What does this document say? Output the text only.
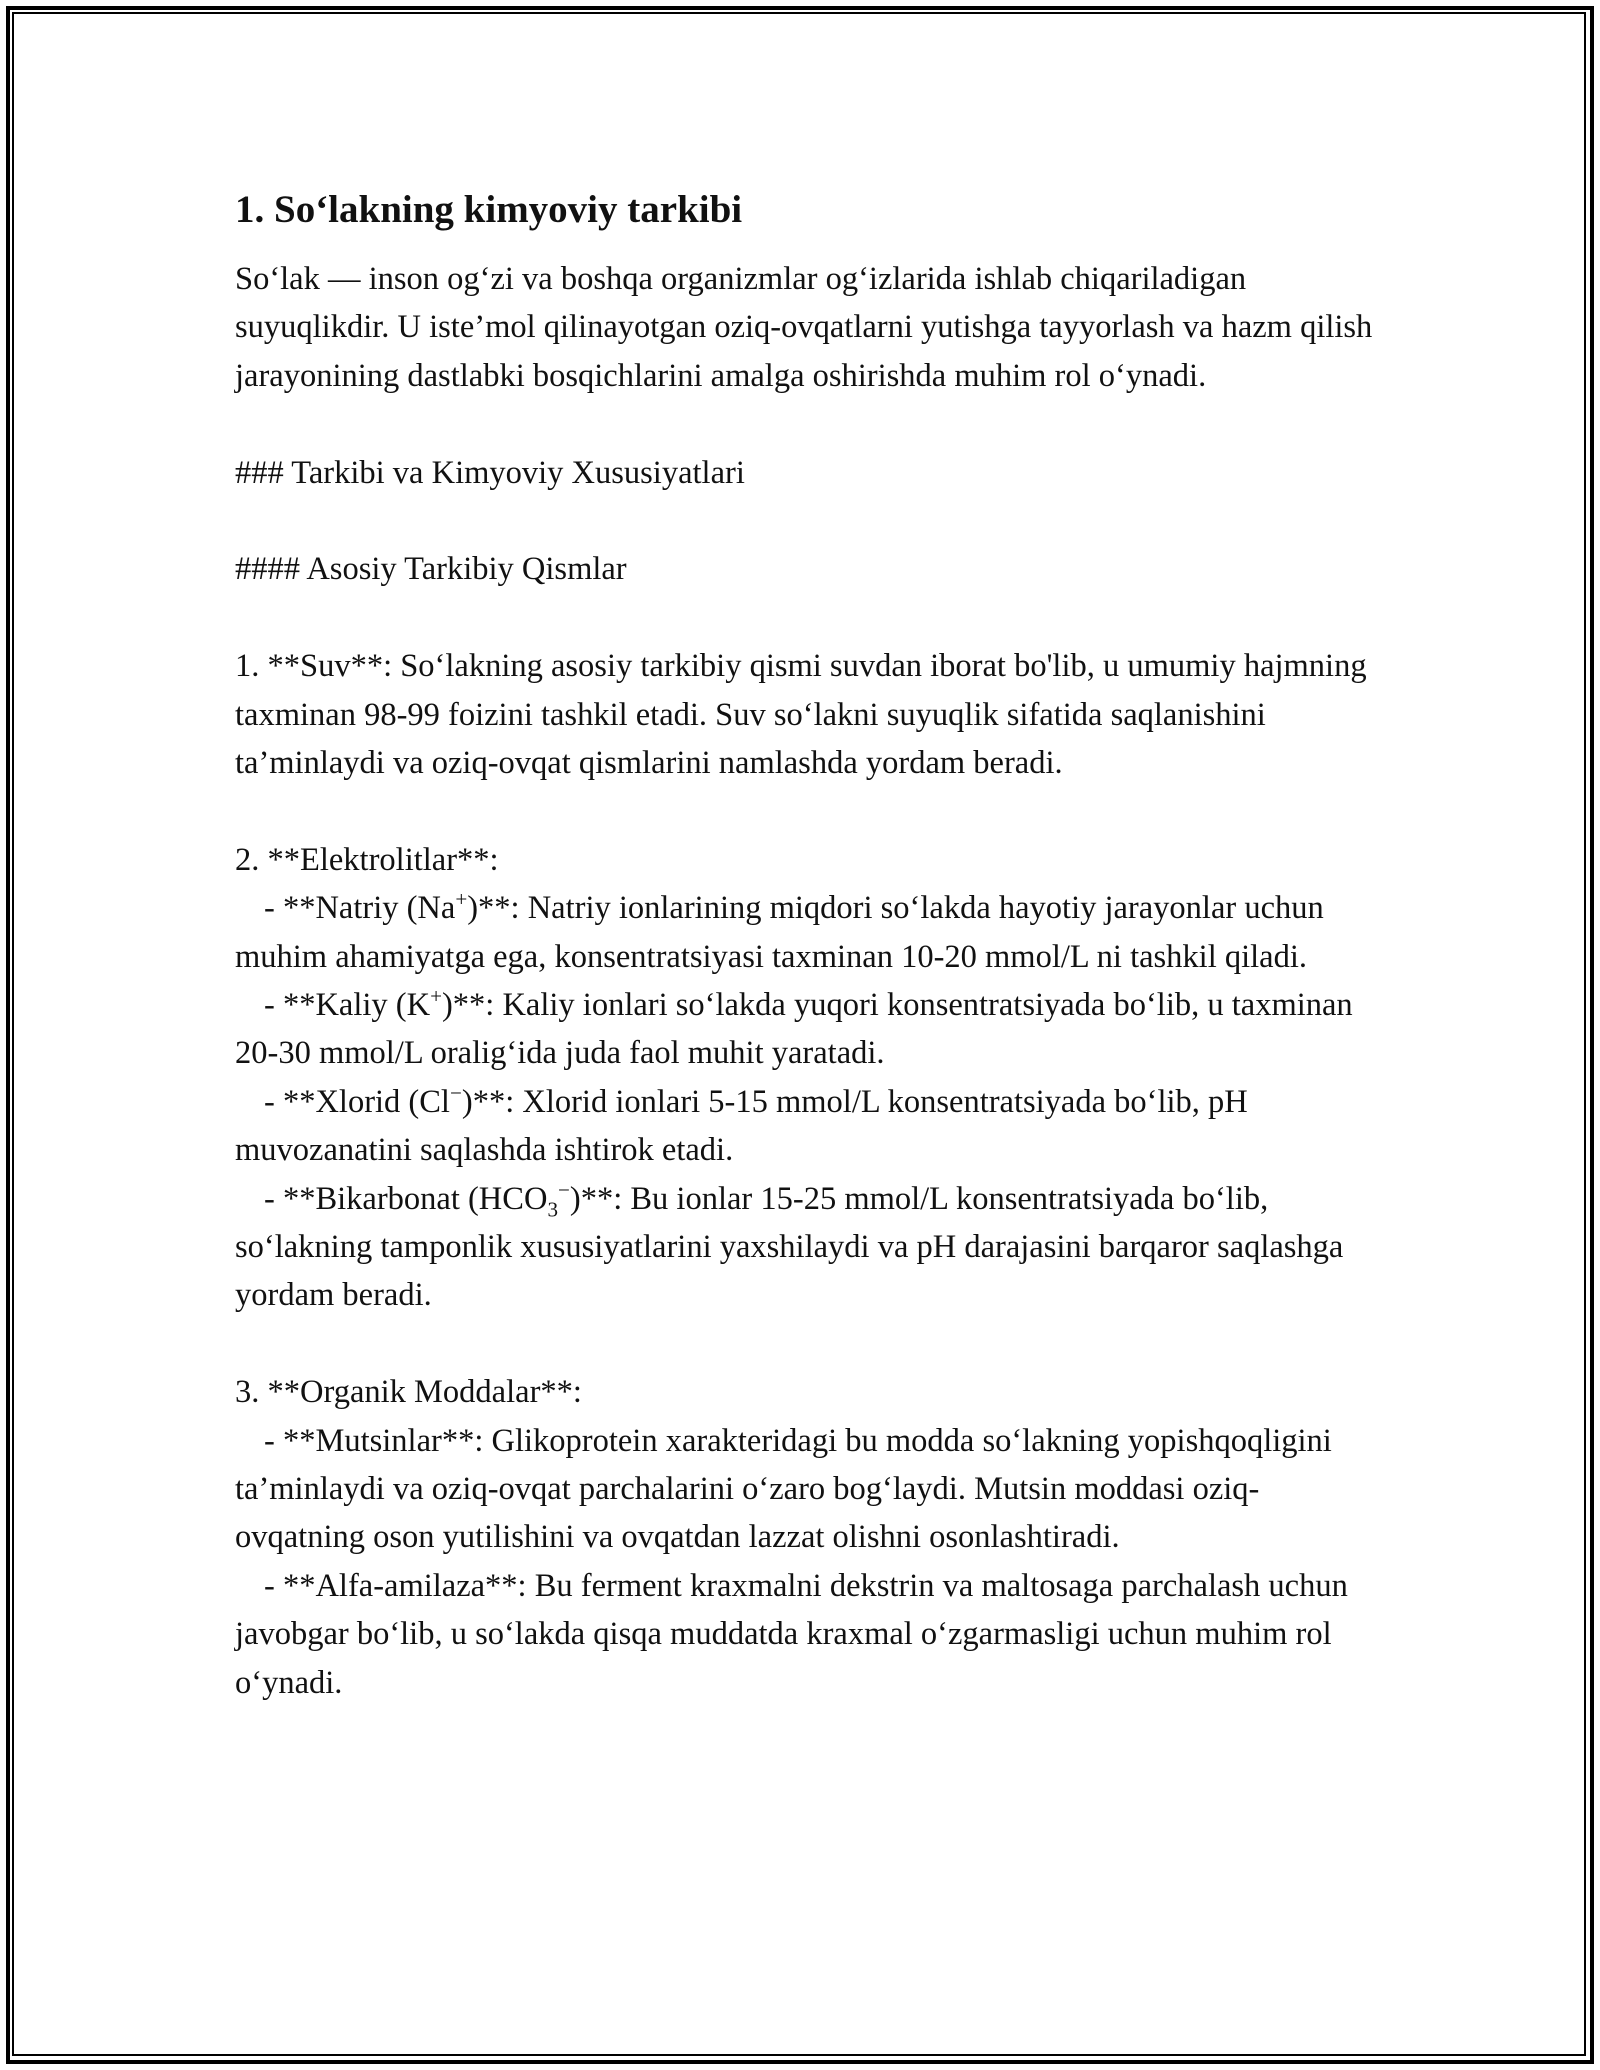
1. So‘lakning kimyoviy tarkibi

So‘lak — inson og‘zi va boshqa organizmlar og‘izlarida ishlab chiqariladigan suyuqlikdir. U iste’mol qilinayotgan oziq-ovqatlarni yutishga tayyorlash va hazm qilish jarayonining dastlabki bosqichlarini amalga oshirishda muhim rol o‘ynadi.

### Tarkibi va Kimyoviy Xususiyatlari

#### Asosiy Tarkibiy Qismlar

1. **Suv**: So‘lakning asosiy tarkibiy qismi suvdan iborat bo'lib, u umumiy hajmning taxminan 98-99 foizini tashkil etadi. Suv so‘lakni suyuqlik sifatida saqlanishini ta’minlaydi va oziq-ovqat qismlarini namlashda yordam beradi.

2. **Elektrolitlar**:

- **Natriy (Na+)**: Natriy ionlarining miqdori so‘lakda hayotiy jarayonlar uchun muhim ahamiyatga ega, konsentratsiyasi taxminan 10-20 mmol/L ni tashkil qiladi.

- **Kaliy (K+)**: Kaliy ionlari so‘lakda yuqori konsentratsiyada bo‘lib, u taxminan 20-30 mmol/L oralig‘ida juda faol muhit yaratadi.

- **Xlorid (Cl−)**: Xlorid ionlari 5-15 mmol/L konsentratsiyada bo‘lib, pH muvozanatini saqlashda ishtirok etadi.

- **Bikarbonat $(HCO_3^-)**$: Bu ionlar 15-25 mmol/L konsentratsiyada bo‘lib, so‘lakning tamponlik xususiyatlarini yaxshilaydi va pH darajasini barqaror saqlashga yordam beradi.

3. **Organik Moddalar**:

- **Mutsinlar**: Glikoprotein xarakteridagi bu modda so‘lakning yopishqoqligini ta’minlaydi va oziq-ovqat parchalarini o‘zaro bog‘laydi. Mutsin moddasi oziq-ovqatning oson yutilishini va ovqatdan lazzat olishni osonlashtiradi.

- **Alfa-amilaza**: Bu ferment kraxmalni dekstrin va maltosaga parchalash uchun javobgar bo‘lib, u so‘lakda qisqa muddatda kraxmal o‘zgarmasligi uchun muhim rol o‘ynadi.
